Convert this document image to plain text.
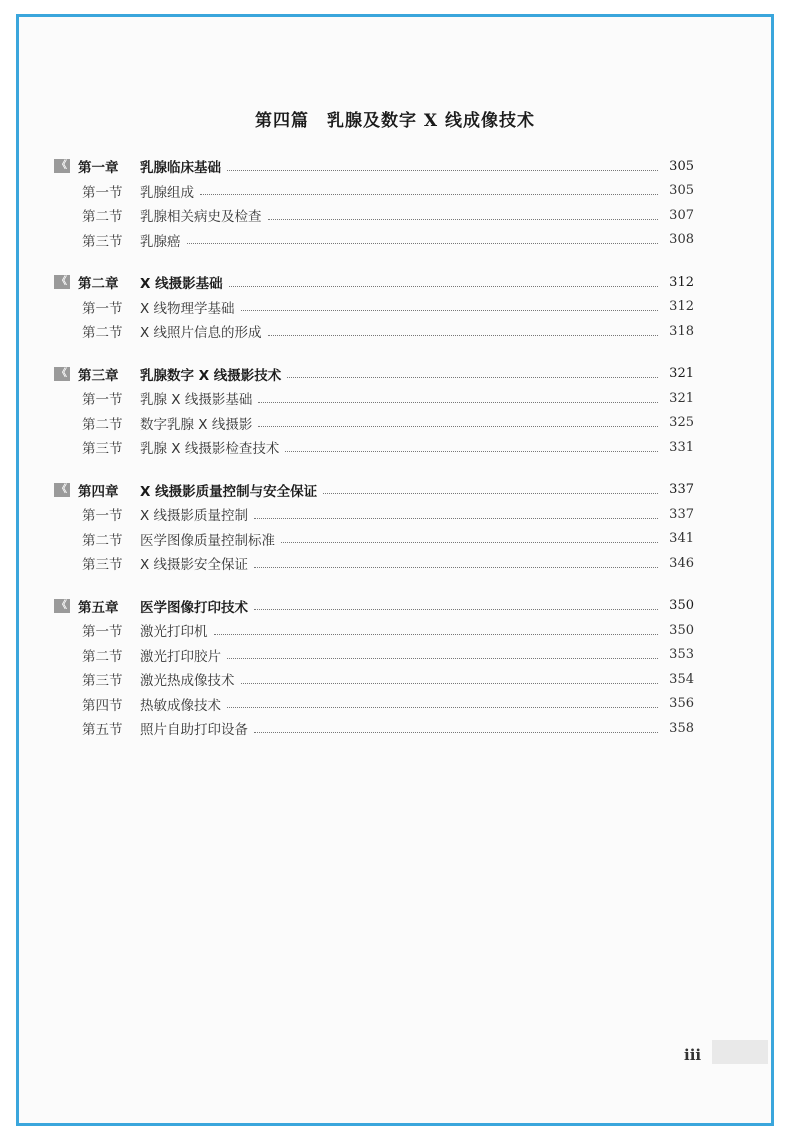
第四篇　乳腺及数字 X 线成像技术
《 第一章	乳腺临床基础	305
第一节	乳腺组成	305
第二节	乳腺相关病史及检查	307
第三节	乳腺癌	308
《 第二章	X 线摄影基础	312
第一节	X 线物理学基础	312
第二节	X 线照片信息的形成	318
《 第三章	乳腺数字 X 线摄影技术	321
第一节	乳腺 X 线摄影基础	321
第二节	数字乳腺 X 线摄影	325
第三节	乳腺 X 线摄影检查技术	331
《 第四章	X 线摄影质量控制与安全保证	337
第一节	X 线摄影质量控制	337
第二节	医学图像质量控制标准	341
第三节	X 线摄影安全保证	346
《 第五章	医学图像打印技术	350
第一节	激光打印机	350
第二节	激光打印胶片	353
第三节	激光热成像技术	354
第四节	热敏成像技术	356
第五节	照片自助打印设备	358
iii
